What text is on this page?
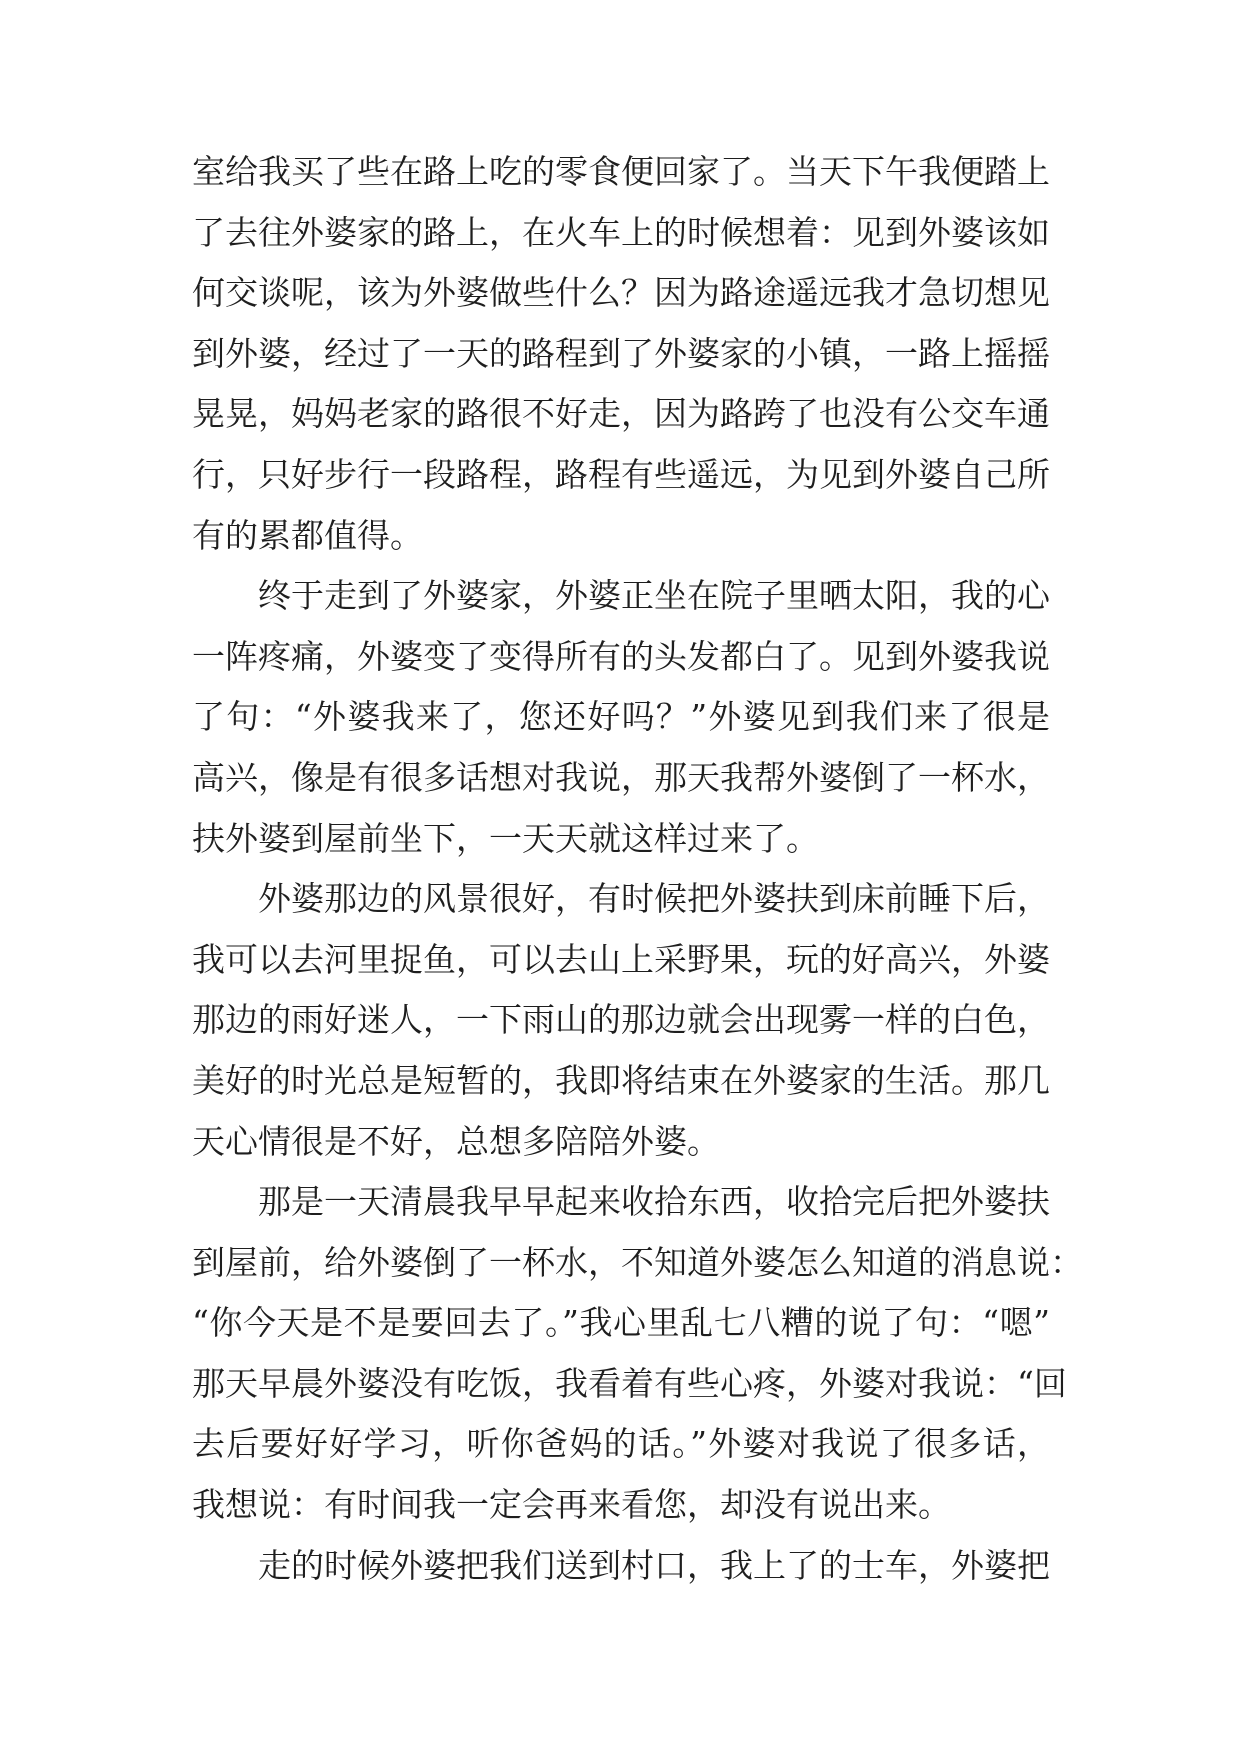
室给我买了些在路上吃的零食便回家了。当天下午我便踏上
了去往外婆家的路上，在火车上的时候想着：见到外婆该如
何交谈呢，该为外婆做些什么？因为路途遥远我才急切想见
到外婆，经过了一天的路程到了外婆家的小镇，一路上摇摇
晃晃，妈妈老家的路很不好走，因为路跨了也没有公交车通
行，只好步行一段路程，路程有些遥远，为见到外婆自己所
有的累都值得。
终于走到了外婆家，外婆正坐在院子里晒太阳，我的心
一阵疼痛，外婆变了变得所有的头发都白了。见到外婆我说
了句：“外婆我来了，您还好吗？”外婆见到我们来了很是
高兴，像是有很多话想对我说，那天我帮外婆倒了一杯水，
扶外婆到屋前坐下，一天天就这样过来了。
外婆那边的风景很好，有时候把外婆扶到床前睡下后，
我可以去河里捉鱼，可以去山上采野果，玩的好高兴，外婆
那边的雨好迷人，一下雨山的那边就会出现雾一样的白色，
美好的时光总是短暂的，我即将结束在外婆家的生活。那几
天心情很是不好，总想多陪陪外婆。
那是一天清晨我早早起来收拾东西，收拾完后把外婆扶
到屋前，给外婆倒了一杯水，不知道外婆怎么知道的消息说：
“你今天是不是要回去了。”我心里乱七八糟的说了句：“嗯”
那天早晨外婆没有吃饭，我看着有些心疼，外婆对我说：“回
去后要好好学习，听你爸妈的话。”外婆对我说了很多话，
我想说：有时间我一定会再来看您，却没有说出来。
走的时候外婆把我们送到村口，我上了的士车，外婆把
